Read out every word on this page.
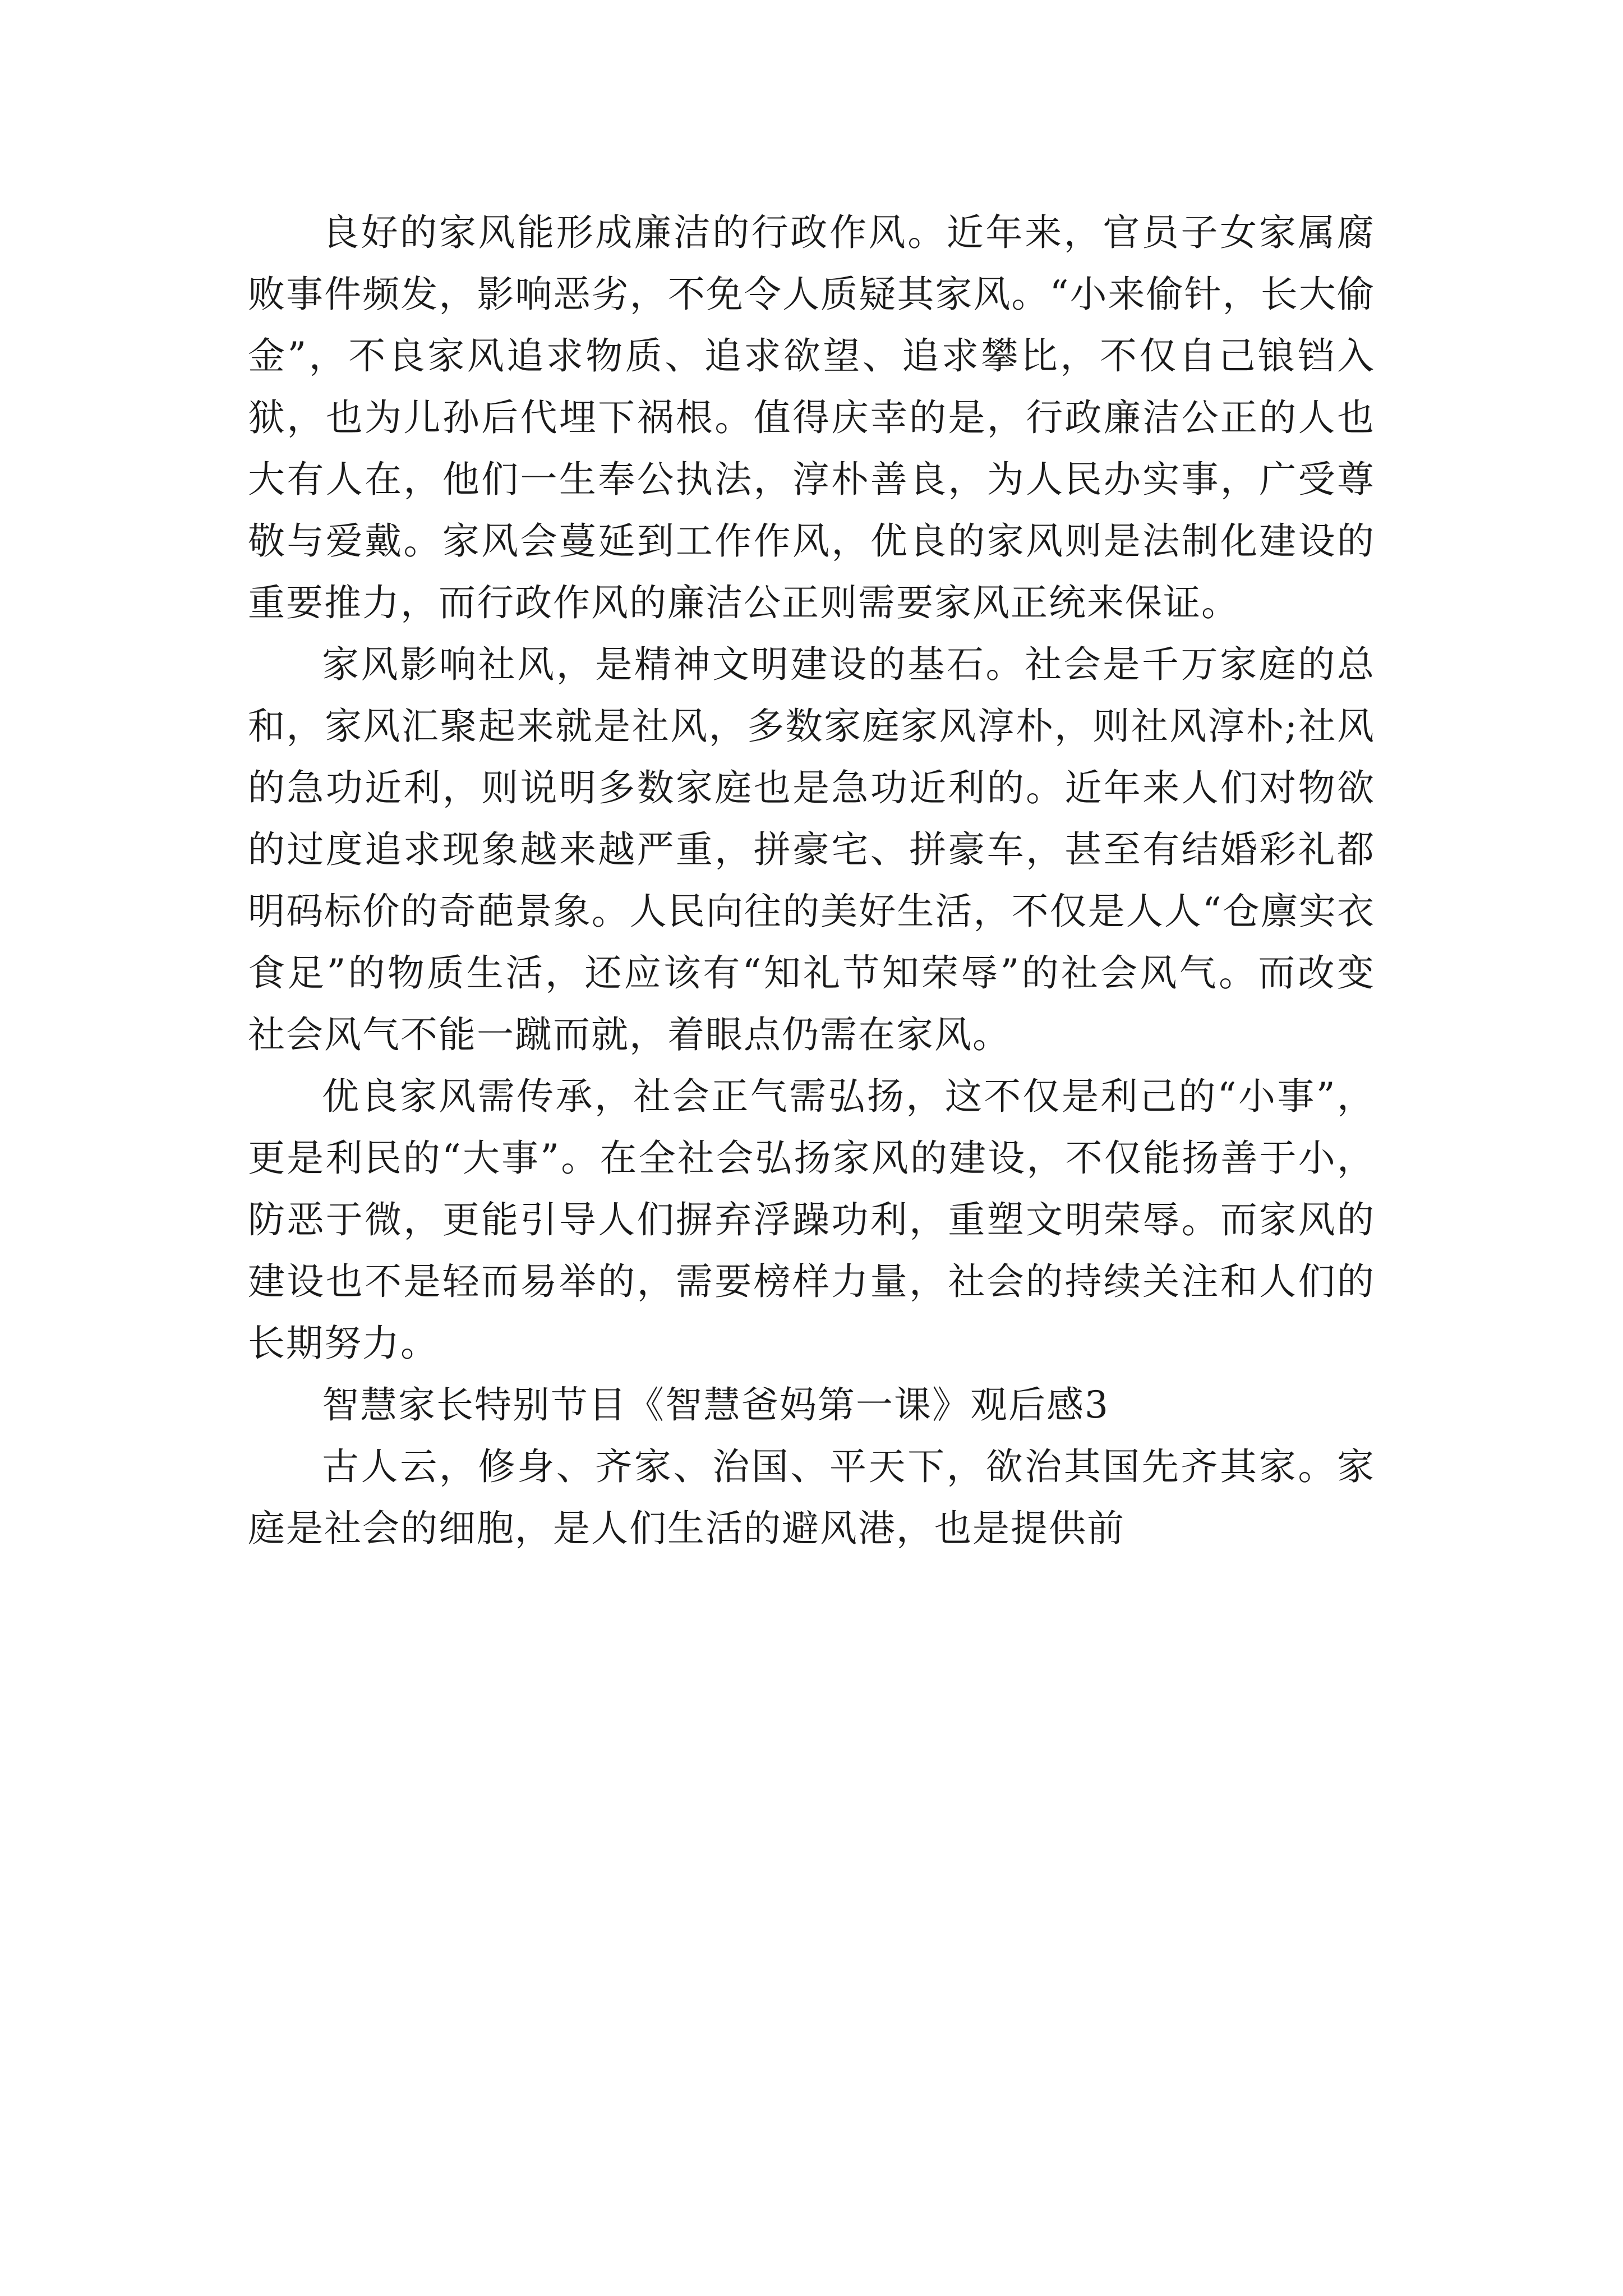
良好的家风能形成廉洁的行政作风。近年来，官员子女家属腐败事件频发，影响恶劣，不免令人质疑其家风。“小来偷针，长大偷金”，不良家风追求物质、追求欲望、追求攀比，不仅自己锒铛入狱，也为儿孙后代埋下祸根。值得庆幸的是，行政廉洁公正的人也大有人在，他们一生奉公执法，淳朴善良，为人民办实事，广受尊敬与爱戴。家风会蔓延到工作作风，优良的家风则是法制化建设的重要推力，而行政作风的廉洁公正则需要家风正统来保证。

家风影响社风，是精神文明建设的基石。社会是千万家庭的总和，家风汇聚起来就是社风，多数家庭家风淳朴，则社风淳朴;社风的急功近利，则说明多数家庭也是急功近利的。近年来人们对物欲的过度追求现象越来越严重，拼豪宅、拼豪车，甚至有结婚彩礼都明码标价的奇葩景象。人民向往的美好生活，不仅是人人“仓廪实衣食足”的物质生活，还应该有“知礼节知荣辱”的社会风气。而改变社会风气不能一蹴而就，着眼点仍需在家风。

优良家风需传承，社会正气需弘扬，这不仅是利己的“小事”，更是利民的“大事”。在全社会弘扬家风的建设，不仅能扬善于小，防恶于微，更能引导人们摒弃浮躁功利，重塑文明荣辱。而家风的建设也不是轻而易举的，需要榜样力量，社会的持续关注和人们的长期努力。

智慧家长特别节目《智慧爸妈第一课》观后感3

古人云，修身、齐家、治国、平天下，欲治其国先齐其家。家庭是社会的细胞，是人们生活的避风港，也是提供前
